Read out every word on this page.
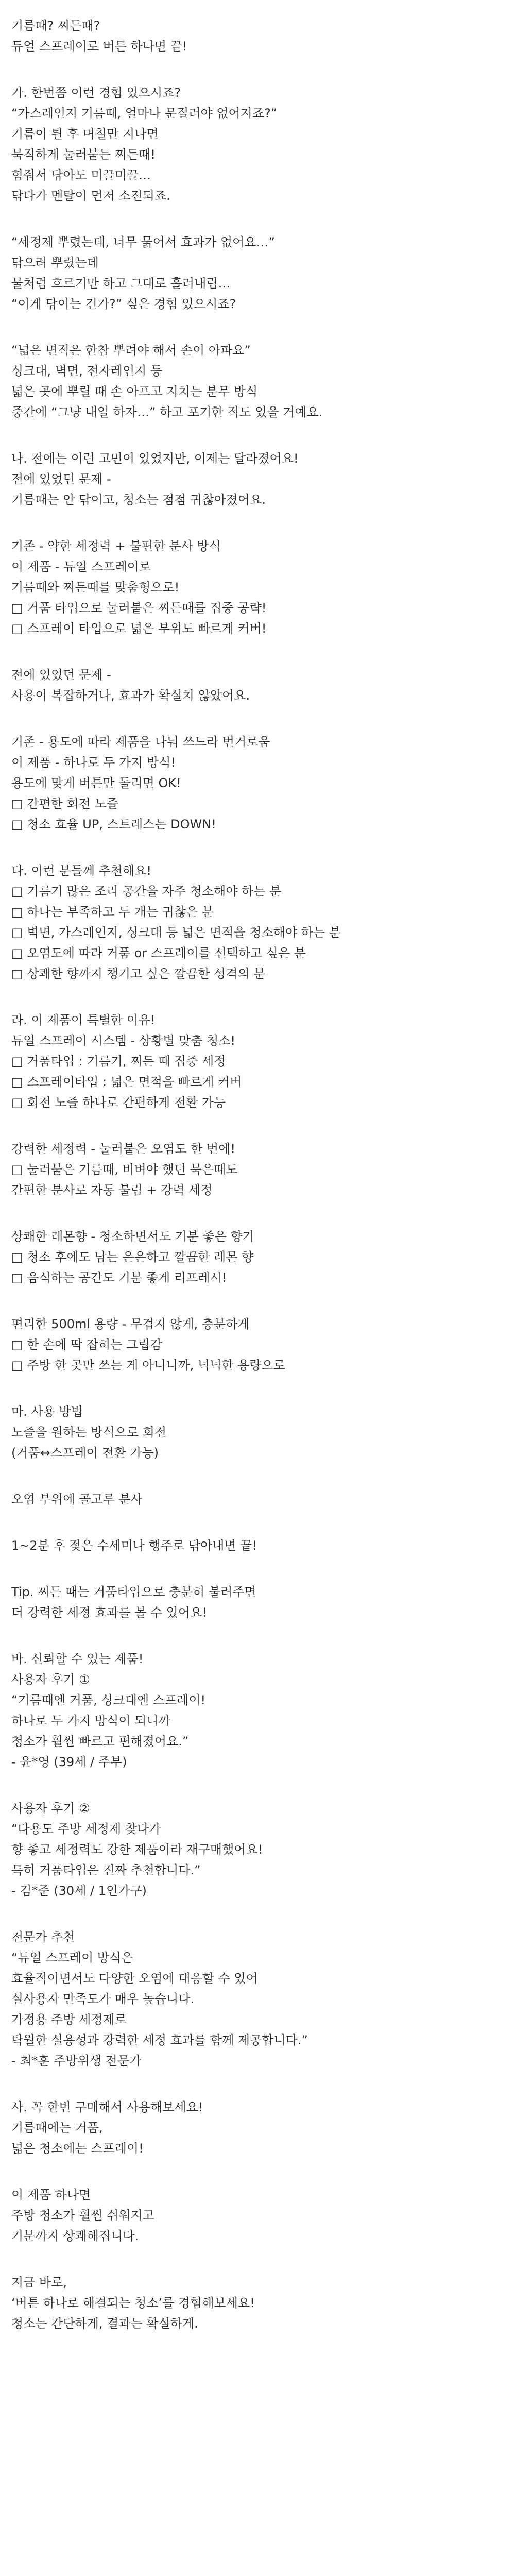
기름때? 찌든때?
듀얼 스프레이로 버튼 하나면 끝!
가. 한번쯤 이런 경험 있으시죠?
“가스레인지 기름때, 얼마나 문질러야 없어지죠?”
기름이 튄 후 며칠만 지나면
묵직하게 눌러붙는 찌든때!
힘줘서 닦아도 미끌미끌…
닦다가 멘탈이 먼저 소진되죠.
“세정제 뿌렸는데, 너무 묽어서 효과가 없어요…”
닦으려 뿌렸는데
물처럼 흐르기만 하고 그대로 흘러내림…
“이게 닦이는 건가?” 싶은 경험 있으시죠?
“넓은 면적은 한참 뿌려야 해서 손이 아파요”
싱크대, 벽면, 전자레인지 등
넓은 곳에 뿌릴 때 손 아프고 지치는 분무 방식
중간에 “그냥 내일 하자…” 하고 포기한 적도 있을 거예요.
나. 전에는 이런 고민이 있었지만, 이제는 달라졌어요!
전에 있었던 문제 -
기름때는 안 닦이고, 청소는 점점 귀찮아졌어요.
기존 - 약한 세정력 + 불편한 분사 방식
이 제품 - 듀얼 스프레이로
기름때와 찌든때를 맞춤형으로!
□ 거품 타입으로 눌러붙은 찌든때를 집중 공략!
□ 스프레이 타입으로 넓은 부위도 빠르게 커버!
전에 있었던 문제 -
사용이 복잡하거나, 효과가 확실치 않았어요.
기존 - 용도에 따라 제품을 나눠 쓰느라 번거로움
이 제품 - 하나로 두 가지 방식!
용도에 맞게 버튼만 돌리면 OK!
□ 간편한 회전 노즐
□ 청소 효율 UP, 스트레스는 DOWN!
다. 이런 분들께 추천해요!
□ 기름기 많은 조리 공간을 자주 청소해야 하는 분
□ 하나는 부족하고 두 개는 귀찮은 분
□ 벽면, 가스레인지, 싱크대 등 넓은 면적을 청소해야 하는 분
□ 오염도에 따라 거품 or 스프레이를 선택하고 싶은 분
□ 상쾌한 향까지 챙기고 싶은 깔끔한 성격의 분
라. 이 제품이 특별한 이유!
듀얼 스프레이 시스템 - 상황별 맞춤 청소!
□ 거품타입 : 기름기, 찌든 때 집중 세정
□ 스프레이타입 : 넓은 면적을 빠르게 커버
□ 회전 노즐 하나로 간편하게 전환 가능
강력한 세정력 - 눌러붙은 오염도 한 번에!
□ 눌러붙은 기름때, 비벼야 했던 묵은때도
간편한 분사로 자동 불림 + 강력 세정
상쾌한 레몬향 - 청소하면서도 기분 좋은 향기
□ 청소 후에도 남는 은은하고 깔끔한 레몬 향
□ 음식하는 공간도 기분 좋게 리프레시!
편리한 500ml 용량 - 무겁지 않게, 충분하게
□ 한 손에 딱 잡히는 그립감
□ 주방 한 곳만 쓰는 게 아니니까, 넉넉한 용량으로
마. 사용 방법
노즐을 원하는 방식으로 회전
(거품↔스프레이 전환 가능)
오염 부위에 골고루 분사
1~2분 후 젖은 수세미나 행주로 닦아내면 끝!
Tip. 찌든 때는 거품타입으로 충분히 불려주면
더 강력한 세정 효과를 볼 수 있어요!
바. 신뢰할 수 있는 제품!
사용자 후기 ①
“기름때엔 거품, 싱크대엔 스프레이!
하나로 두 가지 방식이 되니까
청소가 훨씬 빠르고 편해졌어요.”
- 윤*영 (39세 / 주부)
사용자 후기 ②
“다용도 주방 세정제 찾다가
향 좋고 세정력도 강한 제품이라 재구매했어요!
특히 거품타입은 진짜 추천합니다.”
- 김*준 (30세 / 1인가구)
전문가 추천
“듀얼 스프레이 방식은
효율적이면서도 다양한 오염에 대응할 수 있어
실사용자 만족도가 매우 높습니다.
가정용 주방 세정제로
탁월한 실용성과 강력한 세정 효과를 함께 제공합니다.”
- 최*훈 주방위생 전문가
사. 꼭 한번 구매해서 사용해보세요!
기름때에는 거품,
넓은 청소에는 스프레이!
이 제품 하나면
주방 청소가 훨씬 쉬워지고
기분까지 상쾌해집니다.
지금 바로,
‘버튼 하나로 해결되는 청소’를 경험해보세요!
청소는 간단하게, 결과는 확실하게.
